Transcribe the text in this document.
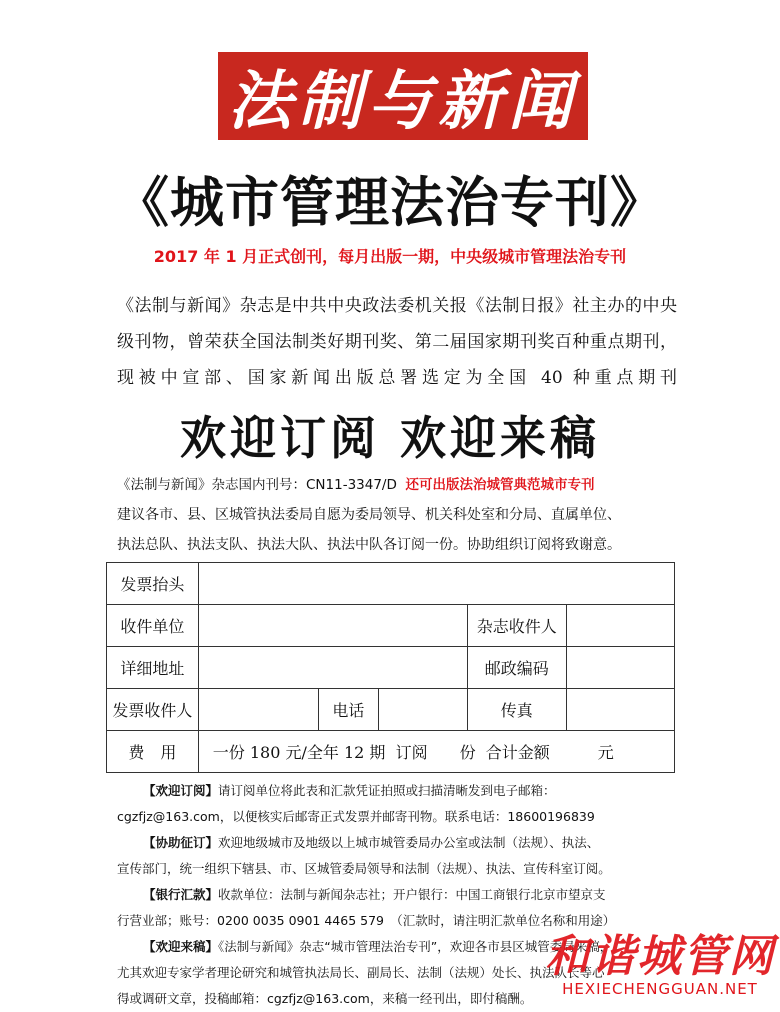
法制与新闻
《城市管理法治专刊》
2017 年 1 月正式创刊，每月出版一期，中央级城市管理法治专刊
《法制与新闻》杂志是中共中央政法委机关报《法制日报》社主办的中央级刊物，曾荣获全国法制类好期刊奖、第二届国家期刊奖百种重点期刊，现被中宣部、国家新闻出版总署选定为全国 40 种重点期刊
欢迎订阅 欢迎来稿
《法制与新闻》杂志国内刊号：CN11-3347/D 还可出版法治城管典范城市专刊
建议各市、县、区城管执法委局自愿为委局领导、机关科处室和分局、直属单位、
执法总队、执法支队、执法大队、执法中队各订阅一份。协助组织订阅将致谢意。
发票抬头					
收件单位				杂志收件人	
详细地址				邮政编码	
发票收件人		电话		传真	
费　用	一份 180 元/全年 12 期  订阅　　份  合计金额　　　元				

【欢迎订阅】请订阅单位将此表和汇款凭证拍照或扫描清晰发到电子邮箱：

cgzfjz@163.com，以便核实后邮寄正式发票并邮寄刊物。联系电话：18600196839

【协助征订】欢迎地级城市及地级以上城市城管委局办公室或法制（法规）、执法、

宣传部门，统一组织下辖县、市、区城管委局领导和法制（法规）、执法、宣传科室订阅。

【银行汇款】收款单位：法制与新闻杂志社；开户银行：中国工商银行北京市望京支

行营业部；账号：0200 0035 0901 4465 579　（汇款时，请注明汇款单位名称和用途）

【欢迎来稿】《法制与新闻》杂志“城市管理法治专刊”，欢迎各市县区城管委局来稿，

尤其欢迎专家学者理论研究和城管执法局长、副局长、法制（法规）处长、执法队长等心

得或调研文章，投稿邮箱：cgzfjz@163.com，来稿一经刊出，即付稿酬。

和谐城管网
HEXIECHENGGUAN.NET
